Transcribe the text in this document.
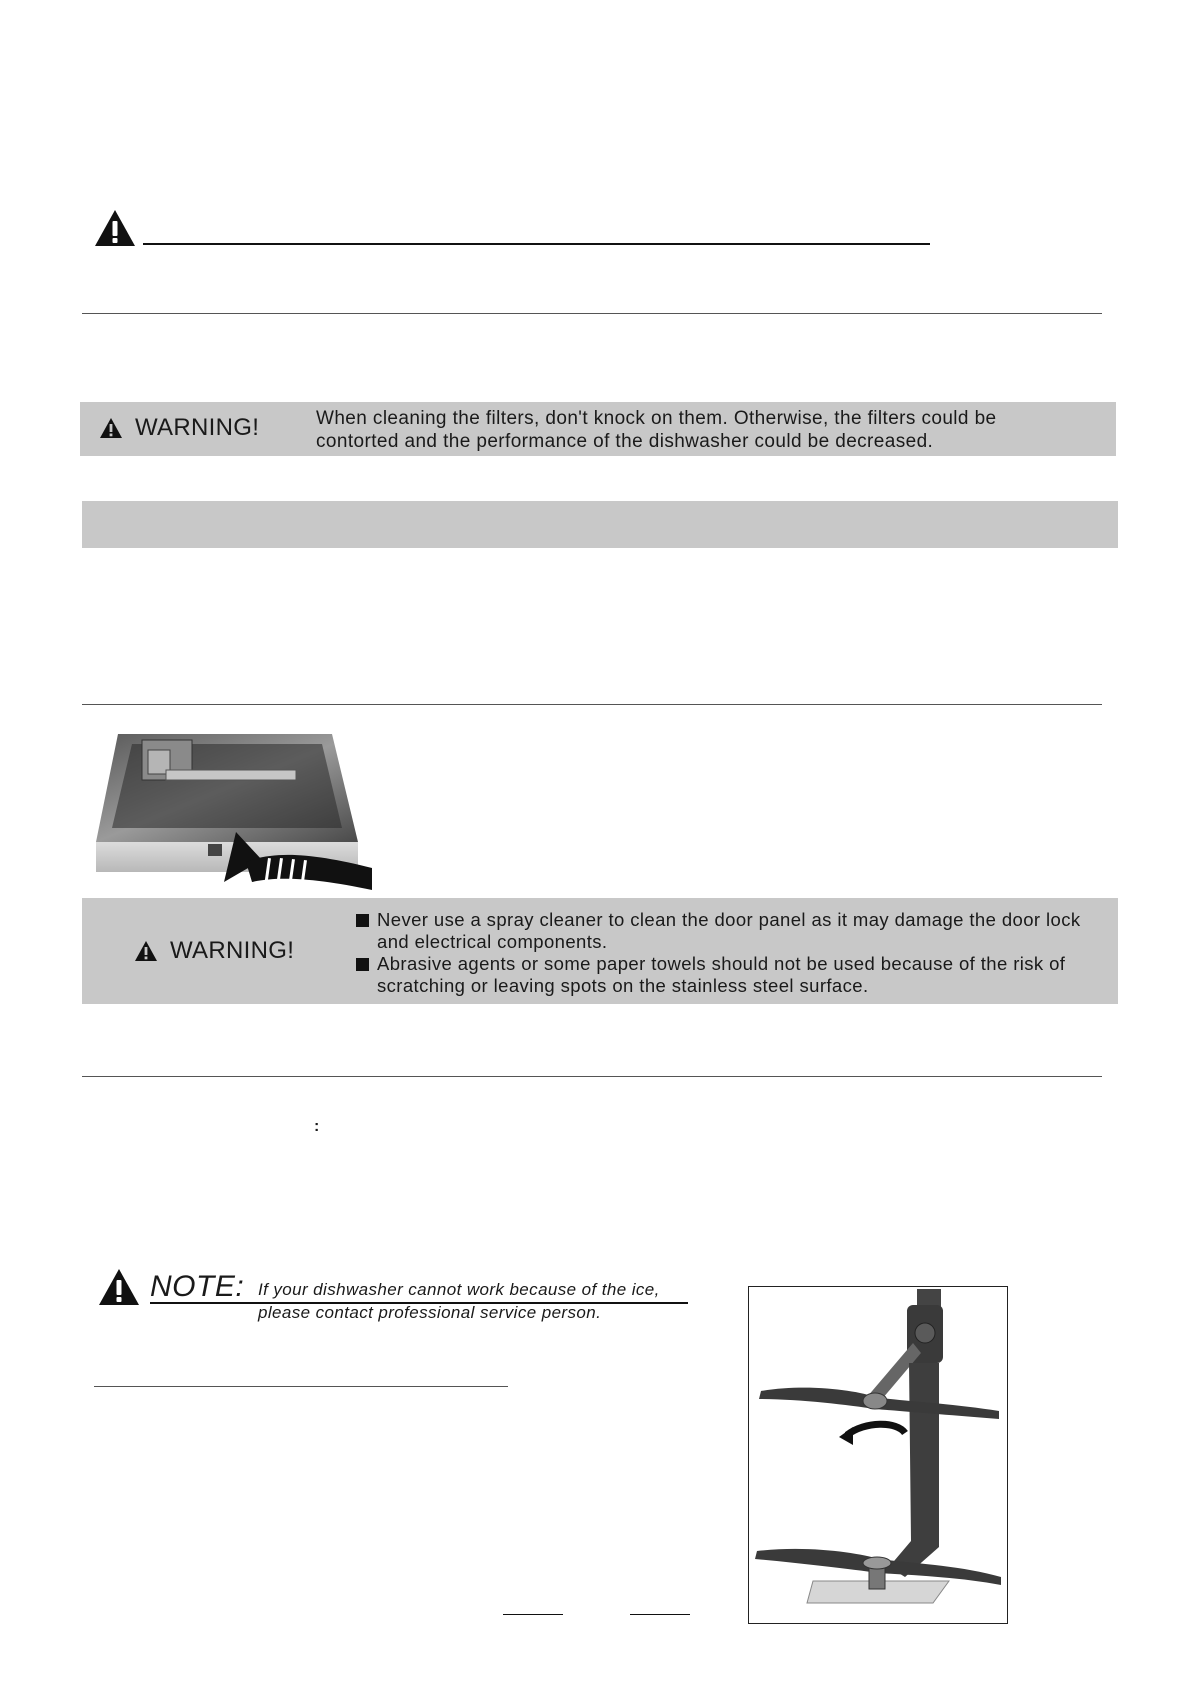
WARNING!	When cleaning the filters, don't knock on them. Otherwise, the filters could be
contorted and the performance of the dishwasher could be decreased.
WARNING!
Never use a spray cleaner to clean the door panel as it may damage the door lock
and electrical components.
Abrasive agents or some paper towels should not be used because of the risk of
scratching or leaving spots on the stainless steel surface.
:
NOTE: If your dishwasher cannot work because of the ice,
please contact professional service person.
